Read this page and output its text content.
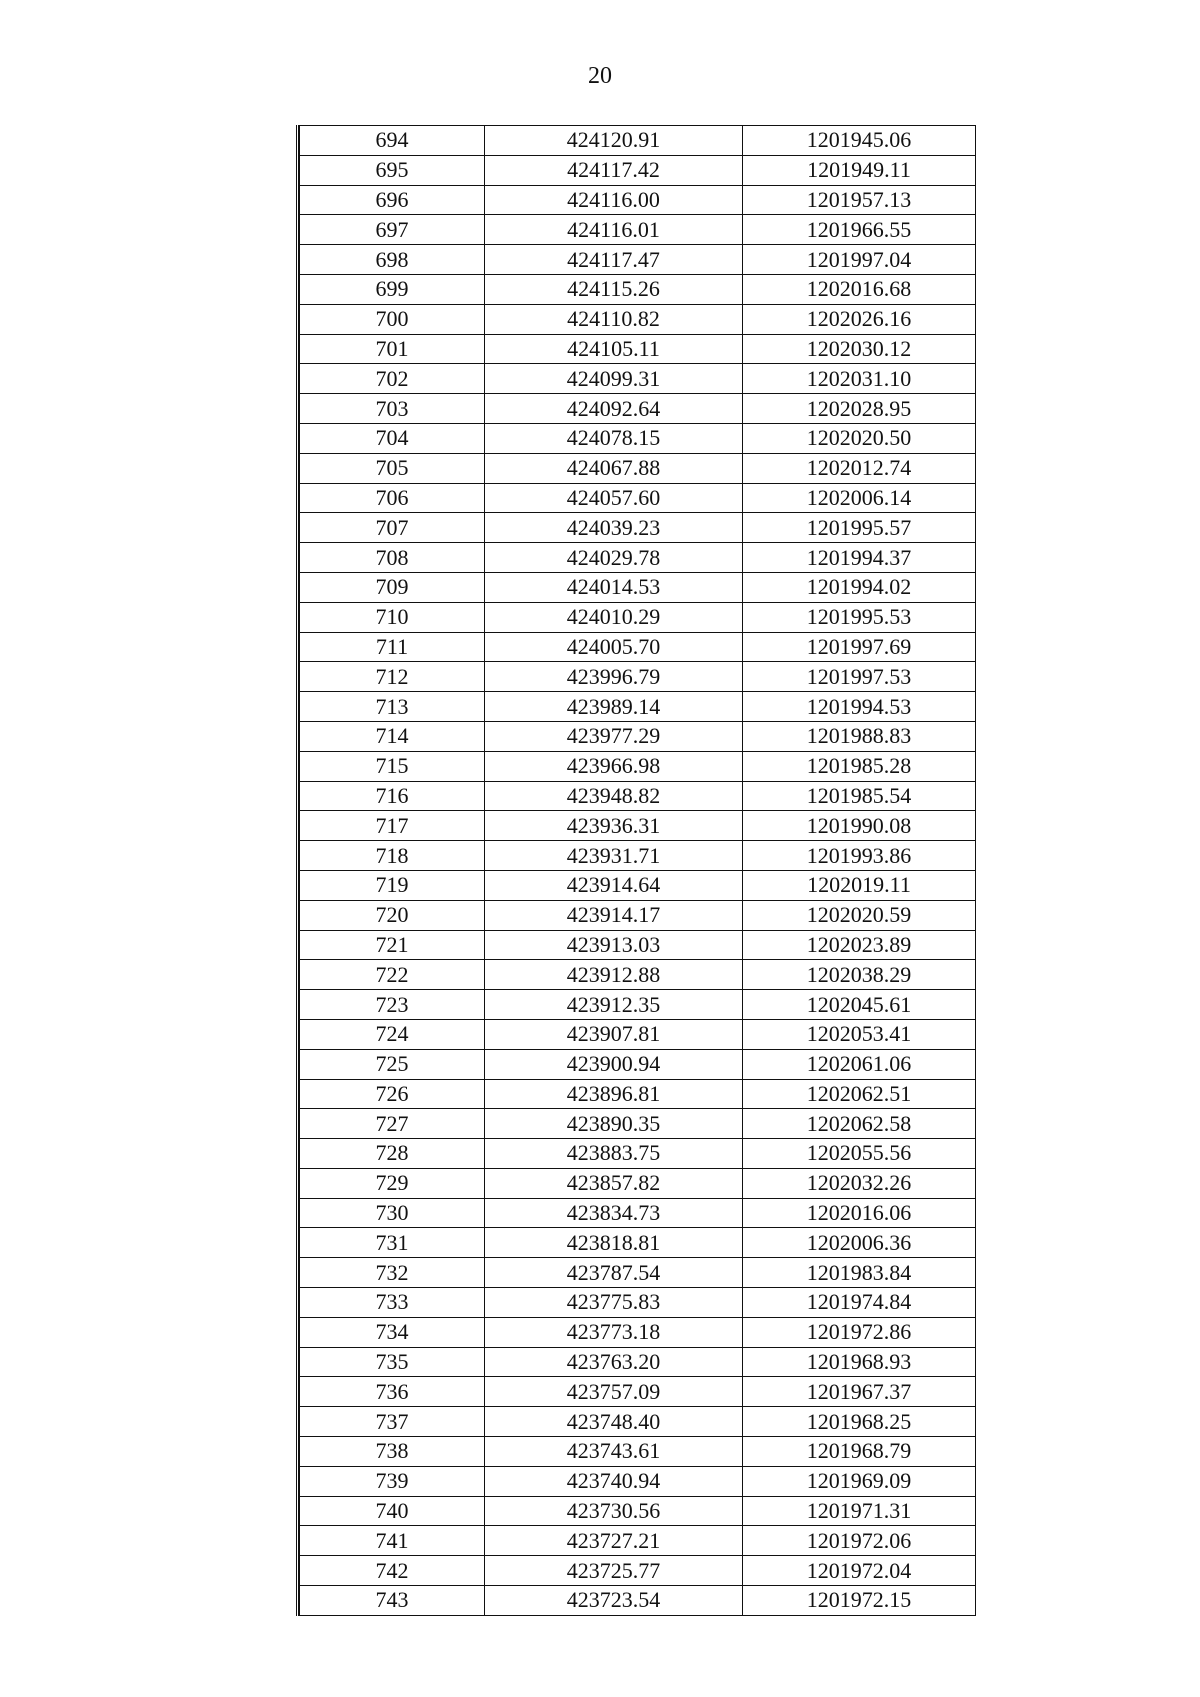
20
694	424120.91	1201945.06
695	424117.42	1201949.11
696	424116.00	1201957.13
697	424116.01	1201966.55
698	424117.47	1201997.04
699	424115.26	1202016.68
700	424110.82	1202026.16
701	424105.11	1202030.12
702	424099.31	1202031.10
703	424092.64	1202028.95
704	424078.15	1202020.50
705	424067.88	1202012.74
706	424057.60	1202006.14
707	424039.23	1201995.57
708	424029.78	1201994.37
709	424014.53	1201994.02
710	424010.29	1201995.53
711	424005.70	1201997.69
712	423996.79	1201997.53
713	423989.14	1201994.53
714	423977.29	1201988.83
715	423966.98	1201985.28
716	423948.82	1201985.54
717	423936.31	1201990.08
718	423931.71	1201993.86
719	423914.64	1202019.11
720	423914.17	1202020.59
721	423913.03	1202023.89
722	423912.88	1202038.29
723	423912.35	1202045.61
724	423907.81	1202053.41
725	423900.94	1202061.06
726	423896.81	1202062.51
727	423890.35	1202062.58
728	423883.75	1202055.56
729	423857.82	1202032.26
730	423834.73	1202016.06
731	423818.81	1202006.36
732	423787.54	1201983.84
733	423775.83	1201974.84
734	423773.18	1201972.86
735	423763.20	1201968.93
736	423757.09	1201967.37
737	423748.40	1201968.25
738	423743.61	1201968.79
739	423740.94	1201969.09
740	423730.56	1201971.31
741	423727.21	1201972.06
742	423725.77	1201972.04
743	423723.54	1201972.15
